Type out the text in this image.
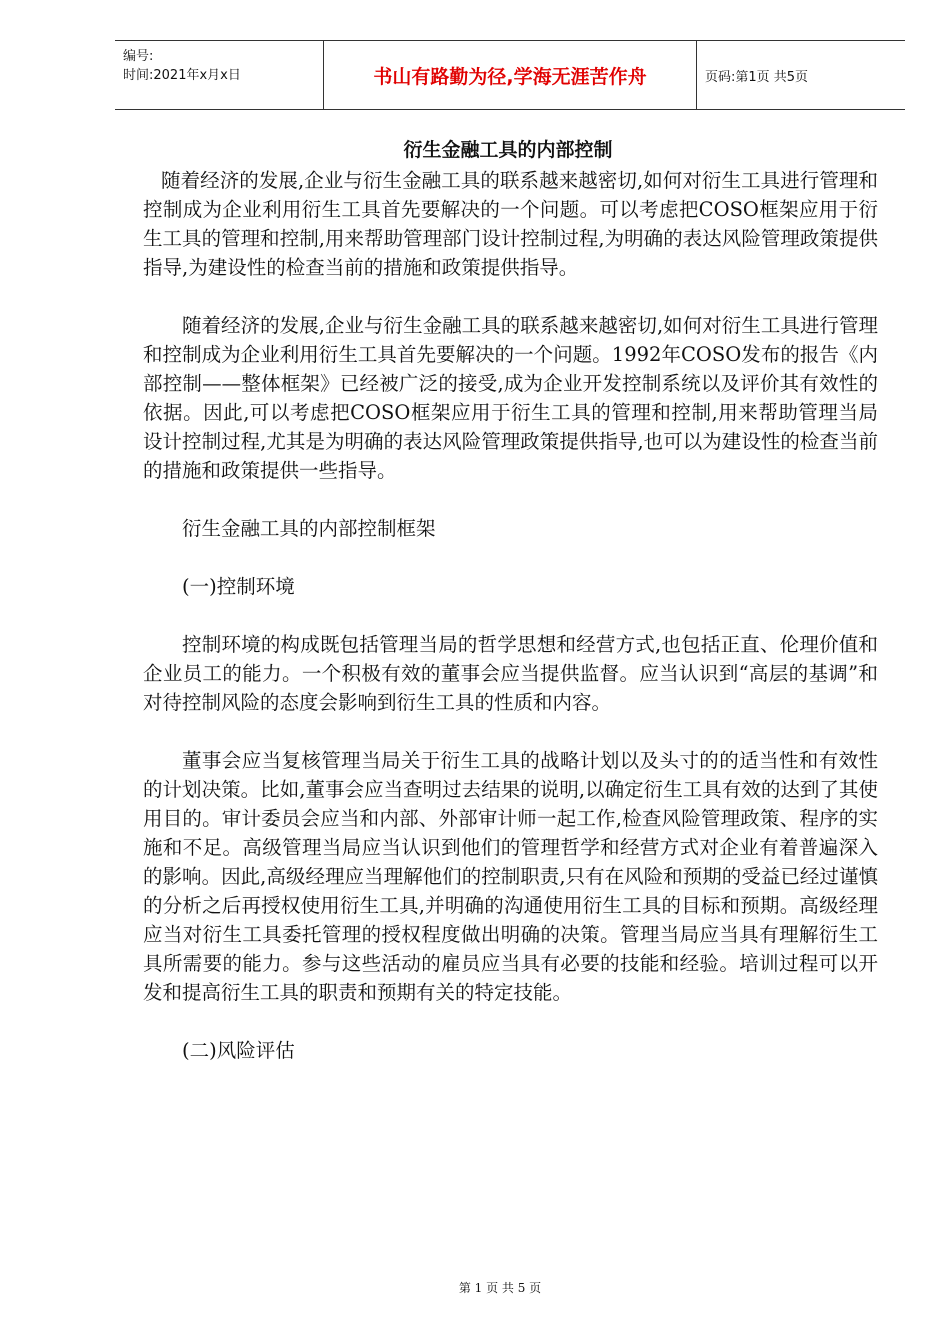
编号:
时间:2021年x月x日	书山有路勤为径,学海无涯苦作舟	页码:第1页 共5页
衍生金融工具的内部控制

随着经济的发展,企业与衍生金融工具的联系越来越密切,如何对衍生工具进行管理和控制成为企业利用衍生工具首先要解决的一个问题。可以考虑把COSO框架应用于衍生工具的管理和控制,用来帮助管理部门设计控制过程,为明确的表达风险管理政策提供指导,为建设性的检查当前的措施和政策提供指导。

随着经济的发展,企业与衍生金融工具的联系越来越密切,如何对衍生工具进行管理和控制成为企业利用衍生工具首先要解决的一个问题。1992年COSO发布的报告《内部控制——整体框架》已经被广泛的接受,成为企业开发控制系统以及评价其有效性的依据。因此,可以考虑把COSO框架应用于衍生工具的管理和控制,用来帮助管理当局设计控制过程,尤其是为明确的表达风险管理政策提供指导,也可以为建设性的检查当前的措施和政策提供一些指导。

衍生金融工具的内部控制框架

(一)控制环境

控制环境的构成既包括管理当局的哲学思想和经营方式,也包括正直、伦理价值和企业员工的能力。一个积极有效的董事会应当提供监督。应当认识到“高层的基调”和对待控制风险的态度会影响到衍生工具的性质和内容。

董事会应当复核管理当局关于衍生工具的战略计划以及头寸的的适当性和有效性的计划决策。比如,董事会应当查明过去结果的说明,以确定衍生工具有效的达到了其使用目的。审计委员会应当和内部、外部审计师一起工作,检查风险管理政策、程序的实施和不足。高级管理当局应当认识到他们的管理哲学和经营方式对企业有着普遍深入的影响。因此,高级经理应当理解他们的控制职责,只有在风险和预期的受益已经过谨慎的分析之后再授权使用衍生工具,并明确的沟通使用衍生工具的目标和预期。高级经理应当对衍生工具委托管理的授权程度做出明确的决策。管理当局应当具有理解衍生工具所需要的能力。参与这些活动的雇员应当具有必要的技能和经验。培训过程可以开发和提高衍生工具的职责和预期有关的特定技能。

(二)风险评估

第 1 页 共 5 页
